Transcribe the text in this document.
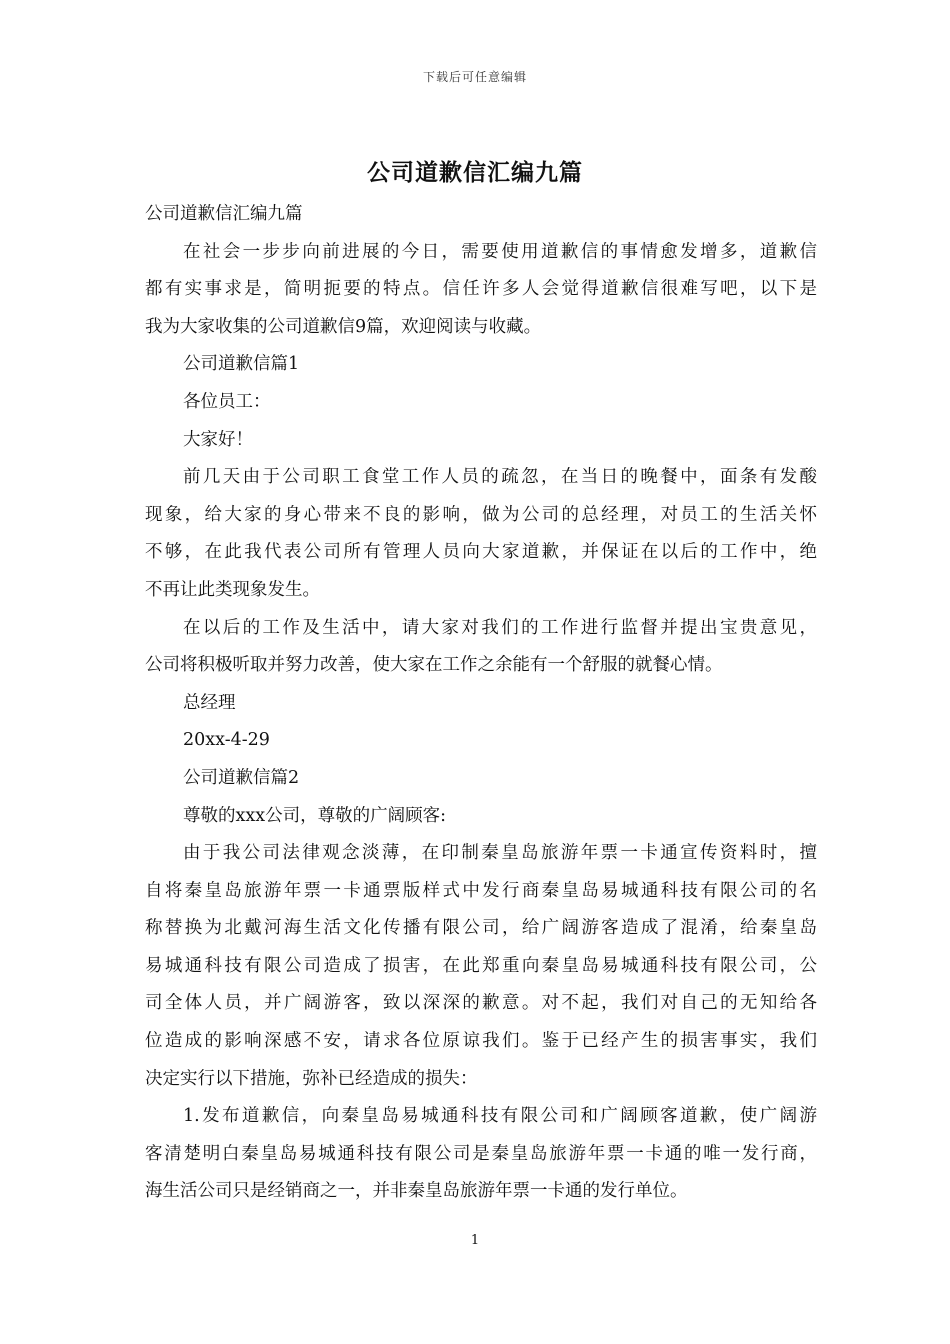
下载后可任意编辑
公司道歉信汇编九篇
公司道歉信汇编九篇
在社会一步步向前进展的今日，需要使用道歉信的事情愈发增多，道歉信
都有实事求是，简明扼要的特点。信任许多人会觉得道歉信很难写吧，以下是
我为大家收集的公司道歉信9篇，欢迎阅读与收藏。
公司道歉信篇1
各位员工：
大家好！
前几天由于公司职工食堂工作人员的疏忽，在当日的晚餐中，面条有发酸
现象，给大家的身心带来不良的影响，做为公司的总经理，对员工的生活关怀
不够，在此我代表公司所有管理人员向大家道歉，并保证在以后的工作中，绝
不再让此类现象发生。
在以后的工作及生活中，请大家对我们的工作进行监督并提出宝贵意见，
公司将积极听取并努力改善，使大家在工作之余能有一个舒服的就餐心情。
总经理
20xx-4-29
公司道歉信篇2
尊敬的xxx公司，尊敬的广阔顾客:
由于我公司法律观念淡薄，在印制秦皇岛旅游年票一卡通宣传资料时，擅
自将秦皇岛旅游年票一卡通票版样式中发行商秦皇岛易城通科技有限公司的名
称替换为北戴河海生活文化传播有限公司，给广阔游客造成了混淆，给秦皇岛
易城通科技有限公司造成了损害，在此郑重向秦皇岛易城通科技有限公司，公
司全体人员，并广阔游客，致以深深的歉意。对不起，我们对自己的无知给各
位造成的影响深感不安，请求各位原谅我们。鉴于已经产生的损害事实，我们
决定实行以下措施，弥补已经造成的损失：
1.发布道歉信，向秦皇岛易城通科技有限公司和广阔顾客道歉，使广阔游
客清楚明白秦皇岛易城通科技有限公司是秦皇岛旅游年票一卡通的唯一发行商，
海生活公司只是经销商之一，并非秦皇岛旅游年票一卡通的发行单位。
1
